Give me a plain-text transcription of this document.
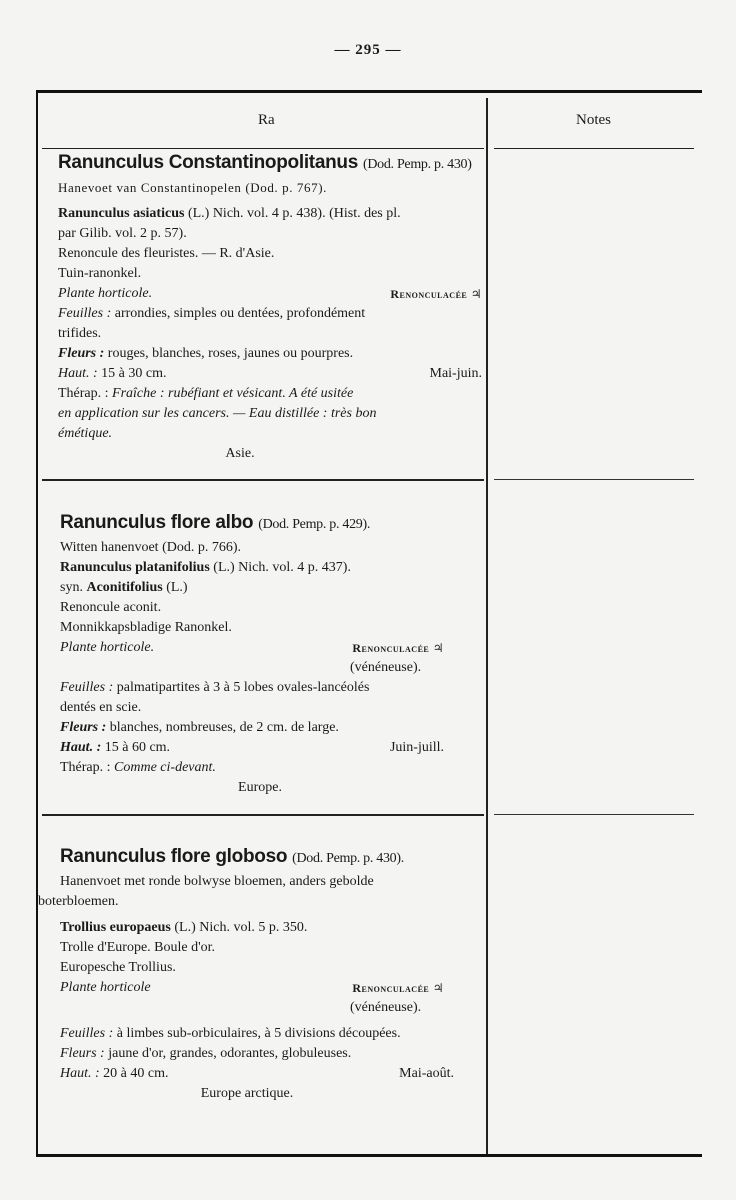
— 295 —
Ra	Notes
Ranunculus Constantinopolitanus (Dod. Pemp. p. 430)
Hanevoet van Constantinopelen (Dod. p. 767).
Ranunculus asiaticus (L.) Nich. vol. 4 p. 438). (Hist. des pl.
par Gilib. vol. 2 p. 57).
Renoncule des fleuristes. — R. d'Asie.
Tuin-ranonkel.
Plante horticole.	Renonculacée ♃
Feuilles : arrondies, simples ou dentées, profondément
trifides.
Fleurs : rouges, blanches, roses, jaunes ou pourpres.
Haut. : 15 à 30 cm.	Mai-juin.
Thérap. : Fraîche : rubéfiant et vésicant. A été usitée
en application sur les cancers. — Eau distillée : très bon
émétique.
Asie.
Ranunculus flore albo (Dod. Pemp. p. 429).
Witten hanenvoet (Dod. p. 766).
Ranunculus platanifolius (L.) Nich. vol. 4 p. 437).
syn. Aconitifolius (L.)
Renoncule aconit.
Monnikkapsbladige Ranonkel.
Plante horticole.	Renonculacée ♃
(vénéneuse).
Feuilles : palmatipartites à 3 à 5 lobes ovales-lancéolés
dentés en scie.
Fleurs : blanches, nombreuses, de 2 cm. de large.
Haut. : 15 à 60 cm.	Juin-juill.
Thérap. : Comme ci-devant.
Europe.
Ranunculus flore globoso (Dod. Pemp. p. 430).
Hanenvoet met ronde bolwyse bloemen, anders gebolde
boterbloemen.
Trollius europaeus (L.) Nich. vol. 5 p. 350.
Trolle d'Europe. Boule d'or.
Europesche Trollius.
Plante horticole	Renonculacée ♃
(vénéneuse).
Feuilles : à limbes sub-orbiculaires, à 5 divisions découpées.
Fleurs : jaune d'or, grandes, odorantes, globuleuses.
Haut. : 20 à 40 cm.	Mai-août.
Europe arctique.
